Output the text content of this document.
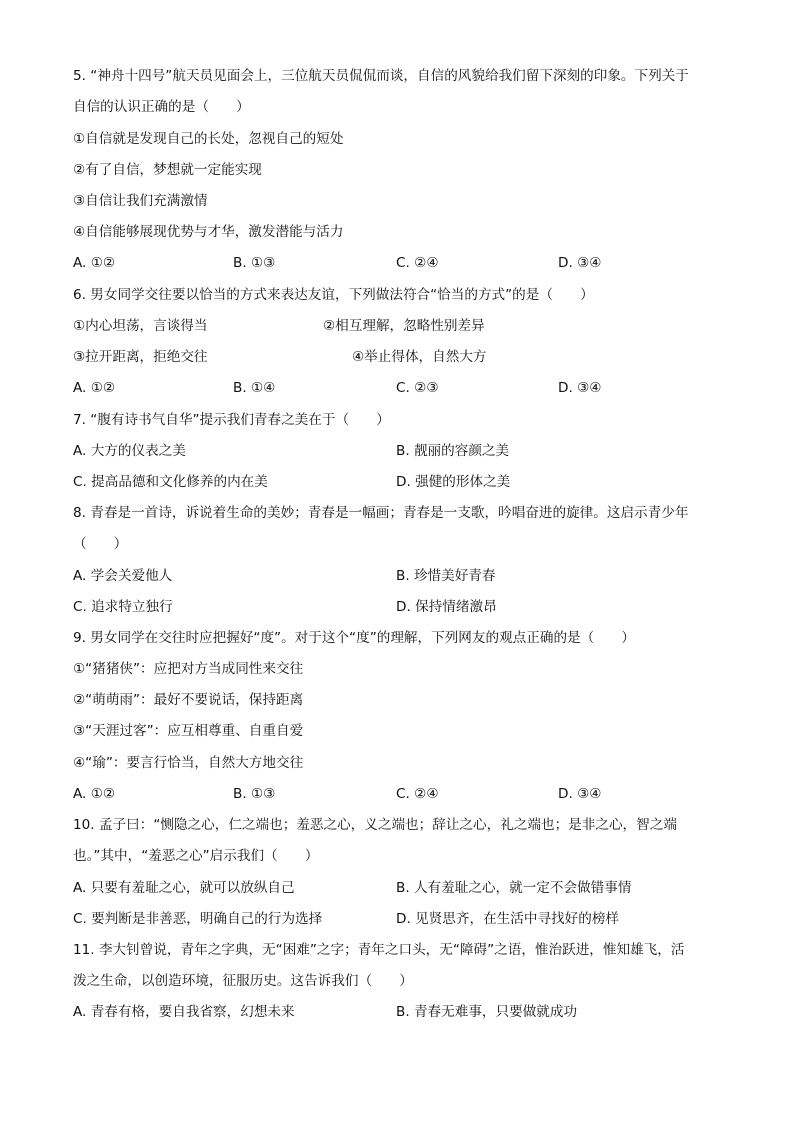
5. “神舟十四号”航天员见面会上，三位航天员侃侃而谈，自信的风貌给我们留下深刻的印象。下列关于
自信的认识正确的是（　　）
①自信就是发现自己的长处，忽视自己的短处
②有了自信，梦想就一定能实现
③自信让我们充满激情
④自信能够展现优势与才华，激发潜能与活力
A. ①②	B. ①③	C. ②④	D. ③④
6. 男女同学交往要以恰当的方式来表达友谊，下列做法符合“恰当的方式”的是（　　）
①内心坦荡，言谈得当	②相互理解，忽略性别差异
③拉开距离，拒绝交往	④举止得体，自然大方
A. ①②	B. ①④	C. ②③	D. ③④
7. “腹有诗书气自华”提示我们青春之美在于（　　）
A. 大方的仪表之美	B. 靓丽的容颜之美
C. 提高品德和文化修养的内在美	D. 强健的形体之美
8. 青春是一首诗，诉说着生命的美妙；青春是一幅画；青春是一支歌，吟唱奋进的旋律。这启示青少年
（　　）
A. 学会关爱他人	B. 珍惜美好青春
C. 追求特立独行	D. 保持情绪激昂
9. 男女同学在交往时应把握好“度”。对于这个“度”的理解，下列网友的观点正确的是（　　）
①“猪猪侠”：应把对方当成同性来交往
②“萌萌雨”：最好不要说话，保持距离
③“天涯过客”：应互相尊重、自重自爱
④“瑜”：要言行恰当，自然大方地交往
A. ①②	B. ①③	C. ②④	D. ③④
10. 孟子曰：“恻隐之心，仁之端也；羞恶之心，义之端也；辞让之心，礼之端也；是非之心，智之端
也。”其中，“羞恶之心”启示我们（　　）
A. 只要有羞耻之心，就可以放纵自己	B. 人有羞耻之心，就一定不会做错事情
C. 要判断是非善恶，明确自己的行为选择	D. 见贤思齐，在生活中寻找好的榜样
11. 李大钊曾说，青年之字典，无“困难”之字；青年之口头，无“障碍”之语，惟治跃进，惟知雄飞，活
泼之生命，以创造环境，征服历史。这告诉我们（　　）
A. 青春有格，要自我省察，幻想未来	B. 青春无难事，只要做就成功
